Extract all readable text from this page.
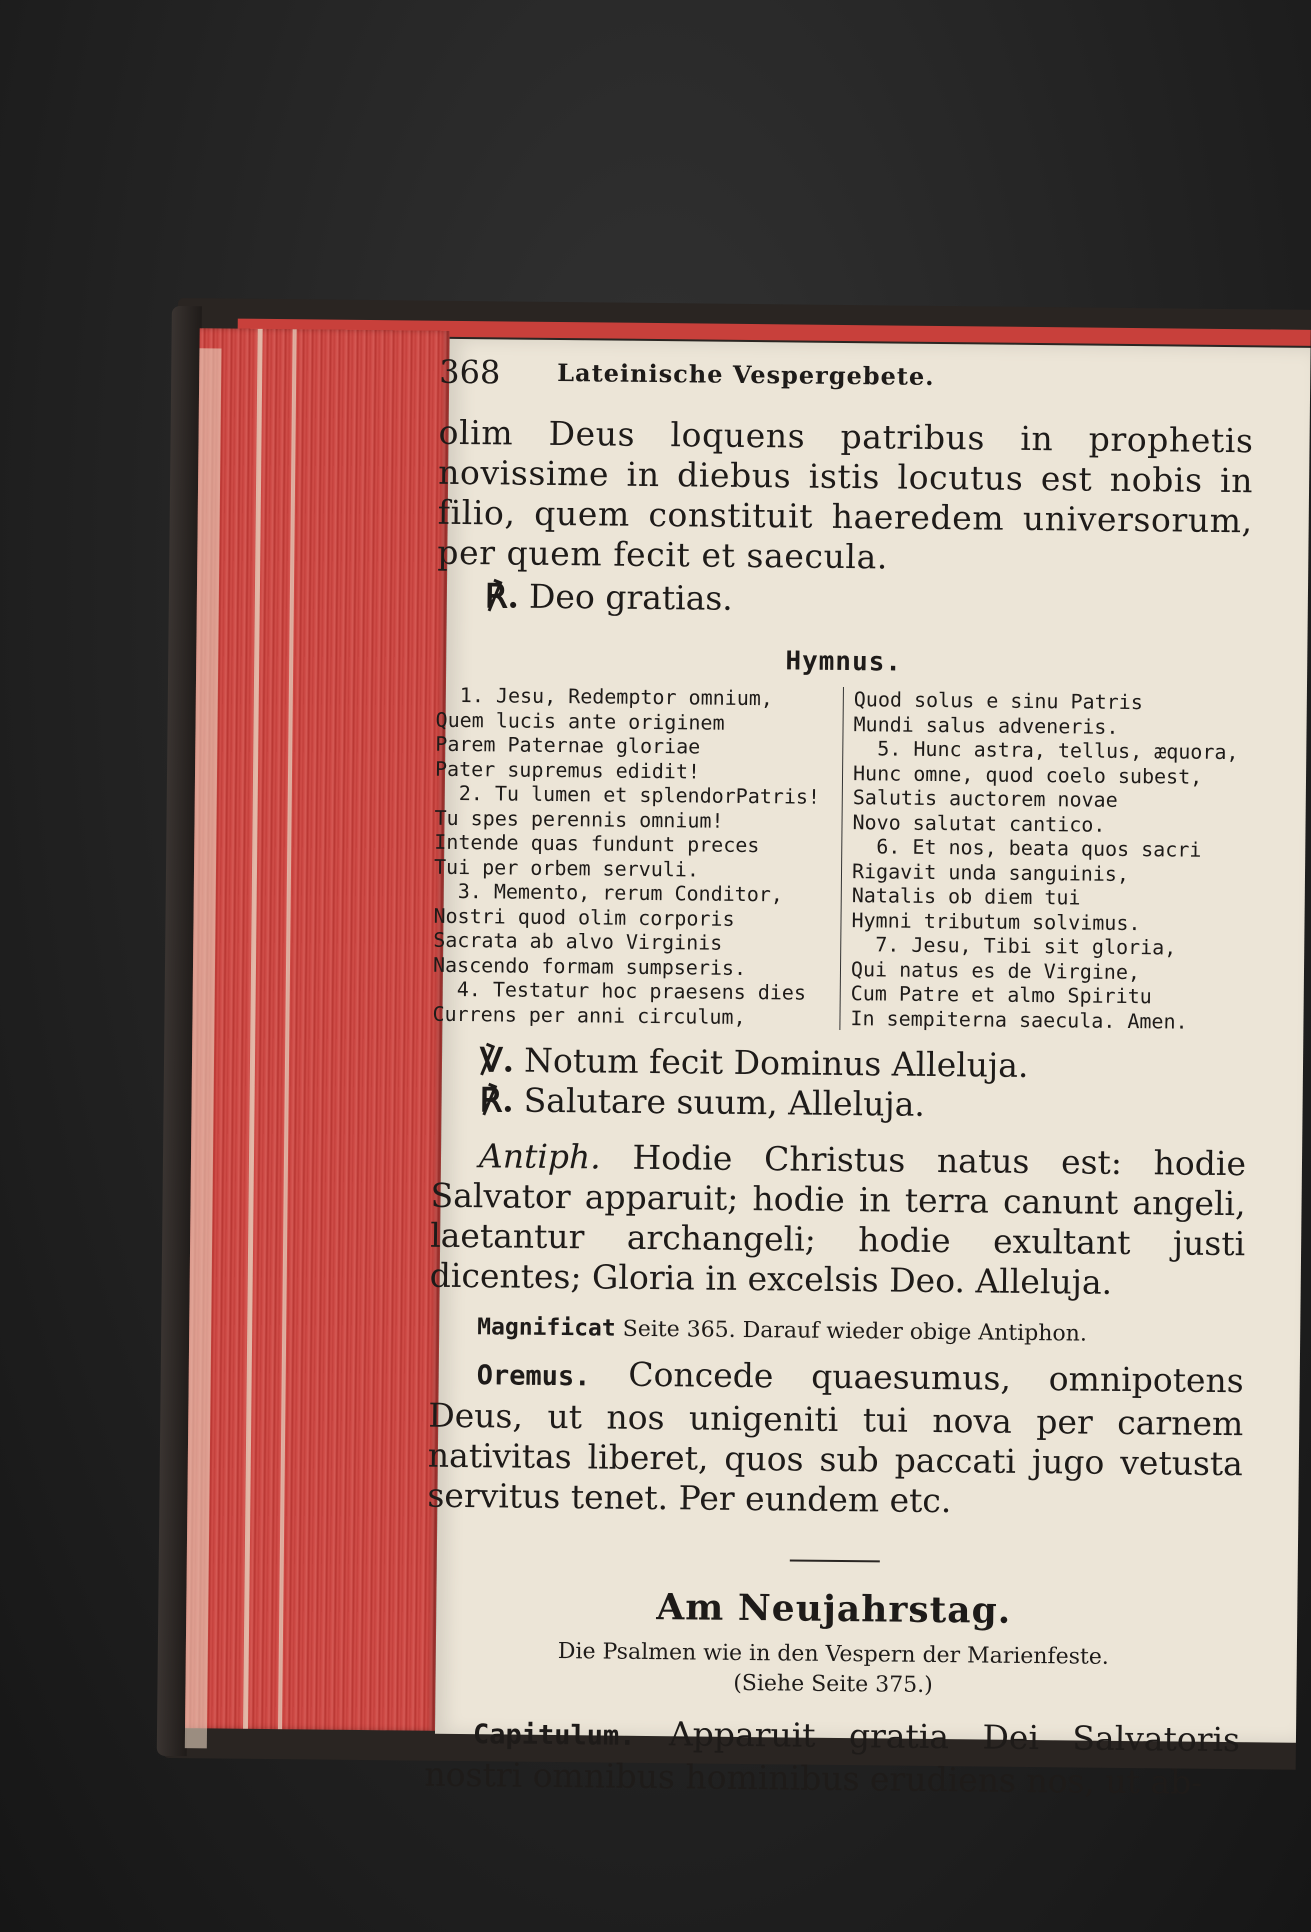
368 Lateinische Vespergebete.

olim Deus loquens patribus in prophetis novissime in diebus istis locutus est nobis in filio, quem constituit haeredem universorum, per quem fecit et saecula.

℟. Deo gratias.

Hymnus.
1. Jesu, Redemptor omnium,
Quem lucis ante originem
Parem Paternae gloriae
Pater supremus edidit!
2. Tu lumen et splendorPatris!
Tu spes perennis omnium!
Intende quas fundunt preces
Tui per orbem servuli.
3. Memento, rerum Conditor,
Nostri quod olim corporis
Sacrata ab alvo Virginis
Nascendo formam sumpseris.
4. Testatur hoc praesens dies
Currens per anni circulum,
Quod solus e sinu Patris
Mundi salus adveneris.
5. Hunc astra, tellus, æquora,
Hunc omne, quod coelo subest,
Salutis auctorem novae
Novo salutat cantico.
6. Et nos, beata quos sacri
Rigavit unda sanguinis,
Natalis ob diem tui
Hymni tributum solvimus.
7. Jesu, Tibi sit gloria,
Qui natus es de Virgine,
Cum Patre et almo Spiritu
In sempiterna saecula. Amen.

℣. Notum fecit Dominus Alleluja.

℟. Salutare suum, Alleluja.

Antiph. Hodie Christus natus est: hodie Salvator apparuit; hodie in terra canunt angeli, laetantur archangeli; hodie exultant justi dicentes; Gloria in excelsis Deo. Alleluja.

Magnificat Seite 365. Darauf wieder obige Antiphon.

Oremus. Concede quaesumus, omnipotens Deus, ut nos unigeniti tui nova per carnem nativitas liberet, quos sub paccati jugo vetusta servitus tenet. Per eundem etc.

Am Neujahrstag.

Die Psalmen wie in den Vespern der Marienfeste.
(Siehe Seite 375.)

Capitulum. Apparuit gratia Dei Salvatoris nostri omnibus hominibus erudiens nos, ut ab-
